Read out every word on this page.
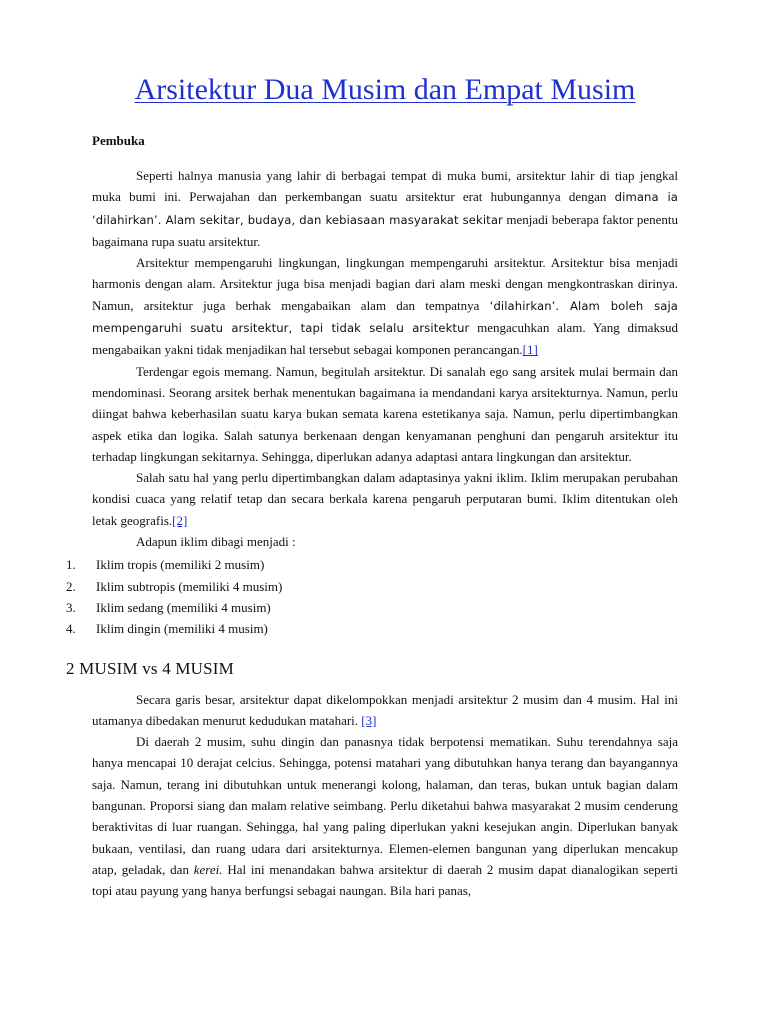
Arsitektur Dua Musim dan Empat Musim
Pembuka

Seperti halnya manusia yang lahir di berbagai tempat di muka bumi, arsitektur lahir di tiap jengkal muka bumi ini. Perwajahan dan perkembangan suatu arsitektur erat hubungannya dengan dimana ia ‘dilahirkan’. Alam sekitar, budaya, dan kebiasaan masyarakat sekitar menjadi beberapa faktor penentu bagaimana rupa suatu arsitektur.

Arsitektur mempengaruhi lingkungan, lingkungan mempengaruhi arsitektur. Arsitektur bisa menjadi harmonis dengan alam. Arsitektur juga bisa menjadi bagian dari alam meski dengan mengkontraskan dirinya. Namun, arsitektur juga berhak mengabaikan alam dan tempatnya ‘dilahirkan’. Alam boleh saja mempengaruhi suatu arsitektur, tapi tidak selalu arsitektur mengacuhkan alam. Yang dimaksud mengabaikan yakni tidak menjadikan hal tersebut sebagai komponen perancangan.[1]

Terdengar egois memang. Namun, begitulah arsitektur. Di sanalah ego sang arsitek mulai bermain dan mendominasi. Seorang arsitek berhak menentukan bagaimana ia mendandani karya arsitekturnya. Namun, perlu diingat bahwa keberhasilan suatu karya bukan semata karena estetikanya saja. Namun, perlu dipertimbangkan aspek etika dan logika. Salah satunya berkenaan dengan kenyamanan penghuni dan pengaruh arsitektur itu terhadap lingkungan sekitarnya. Sehingga, diperlukan adanya adaptasi antara lingkungan dan arsitektur.

Salah satu hal yang perlu dipertimbangkan dalam adaptasinya yakni iklim. Iklim merupakan perubahan kondisi cuaca yang relatif tetap dan secara berkala karena pengaruh perputaran bumi. Iklim ditentukan oleh letak geografis.[2]

Adapun iklim dibagi menjadi :

1.	Iklim tropis (memiliki 2 musim)
2.	Iklim subtropis (memiliki 4 musim)
3.	Iklim sedang (memiliki 4 musim)
4.	Iklim dingin (memiliki 4 musim)
2 MUSIM vs 4 MUSIM

Secara garis besar, arsitektur dapat dikelompokkan menjadi arsitektur 2 musim dan 4 musim. Hal ini utamanya dibedakan menurut kedudukan matahari. [3]

Di daerah 2 musim, suhu dingin dan panasnya tidak berpotensi mematikan. Suhu terendahnya saja hanya mencapai 10 derajat celcius. Sehingga, potensi matahari yang dibutuhkan hanya terang dan bayangannya saja. Namun, terang ini dibutuhkan untuk menerangi kolong, halaman, dan teras, bukan untuk bagian dalam bangunan. Proporsi siang dan malam relative seimbang. Perlu diketahui bahwa masyarakat 2 musim cenderung beraktivitas di luar ruangan. Sehingga, hal yang paling diperlukan yakni kesejukan angin. Diperlukan banyak bukaan, ventilasi, dan ruang udara dari arsitekturnya. Elemen-elemen bangunan yang diperlukan mencakup atap, geladak, dan kerei. Hal ini menandakan bahwa arsitektur di daerah 2 musim dapat dianalogikan seperti topi atau payung yang hanya berfungsi sebagai naungan. Bila hari panas,
